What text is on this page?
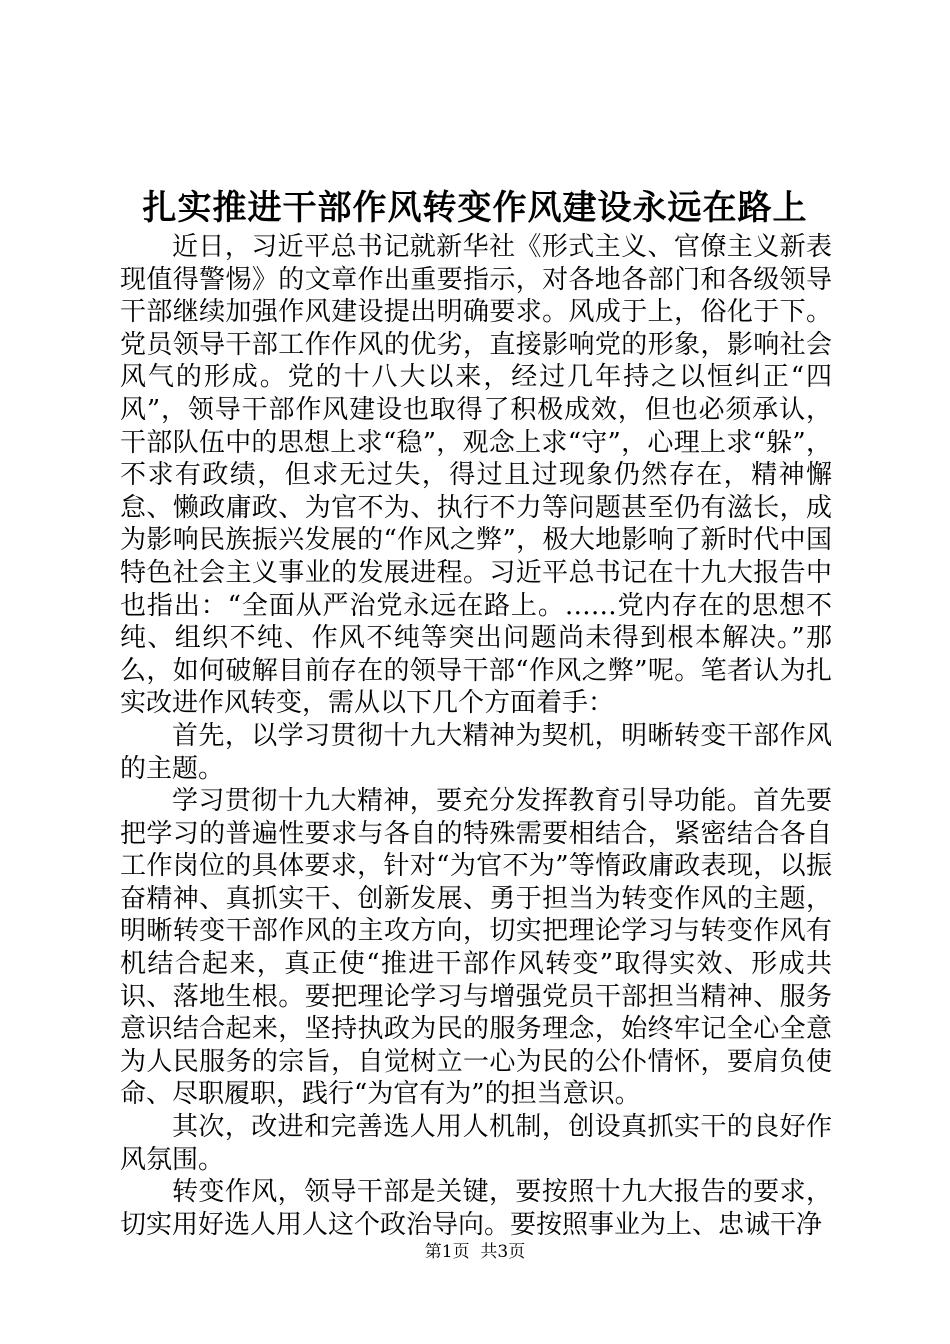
扎实推进干部作风转变作风建设永远在路上

近日，习近平总书记就新华社《形式主义、官僚主义新表现值得警惕》的文章作出重要指示，对各地各部门和各级领导干部继续加强作风建设提出明确要求。风成于上，俗化于下。党员领导干部工作作风的优劣，直接影响党的形象，影响社会风气的形成。党的十八大以来，经过几年持之以恒纠正“四风”，领导干部作风建设也取得了积极成效，但也必须承认，干部队伍中的思想上求“稳”，观念上求“守”，心理上求“躲”，不求有政绩，但求无过失，得过且过现象仍然存在，精神懈怠、懒政庸政、为官不为、执行不力等问题甚至仍有滋长，成为影响民族振兴发展的“作风之弊”，极大地影响了新时代中国特色社会主义事业的发展进程。习近平总书记在十九大报告中也指出：“全面从严治党永远在路上。……党内存在的思想不纯、组织不纯、作风不纯等突出问题尚未得到根本解决。”那么，如何破解目前存在的领导干部“作风之弊”呢。笔者认为扎实改进作风转变，需从以下几个方面着手：

首先，以学习贯彻十九大精神为契机，明晰转变干部作风的主题。

学习贯彻十九大精神，要充分发挥教育引导功能。首先要把学习的普遍性要求与各自的特殊需要相结合，紧密结合各自工作岗位的具体要求，针对“为官不为”等惰政庸政表现，以振奋精神、真抓实干、创新发展、勇于担当为转变作风的主题，明晰转变干部作风的主攻方向，切实把理论学习与转变作风有机结合起来，真正使“推进干部作风转变”取得实效、形成共识、落地生根。要把理论学习与增强党员干部担当精神、服务意识结合起来，坚持执政为民的服务理念，始终牢记全心全意为人民服务的宗旨，自觉树立一心为民的公仆情怀，要肩负使命、尽职履职，践行“为官有为”的担当意识。

其次，改进和完善选人用人机制，创设真抓实干的良好作风氛围。

转变作风，领导干部是关键，要按照十九大报告的要求，切实用好选人用人这个政治导向。要按照事业为上、忠诚干净

第1页 共3页
